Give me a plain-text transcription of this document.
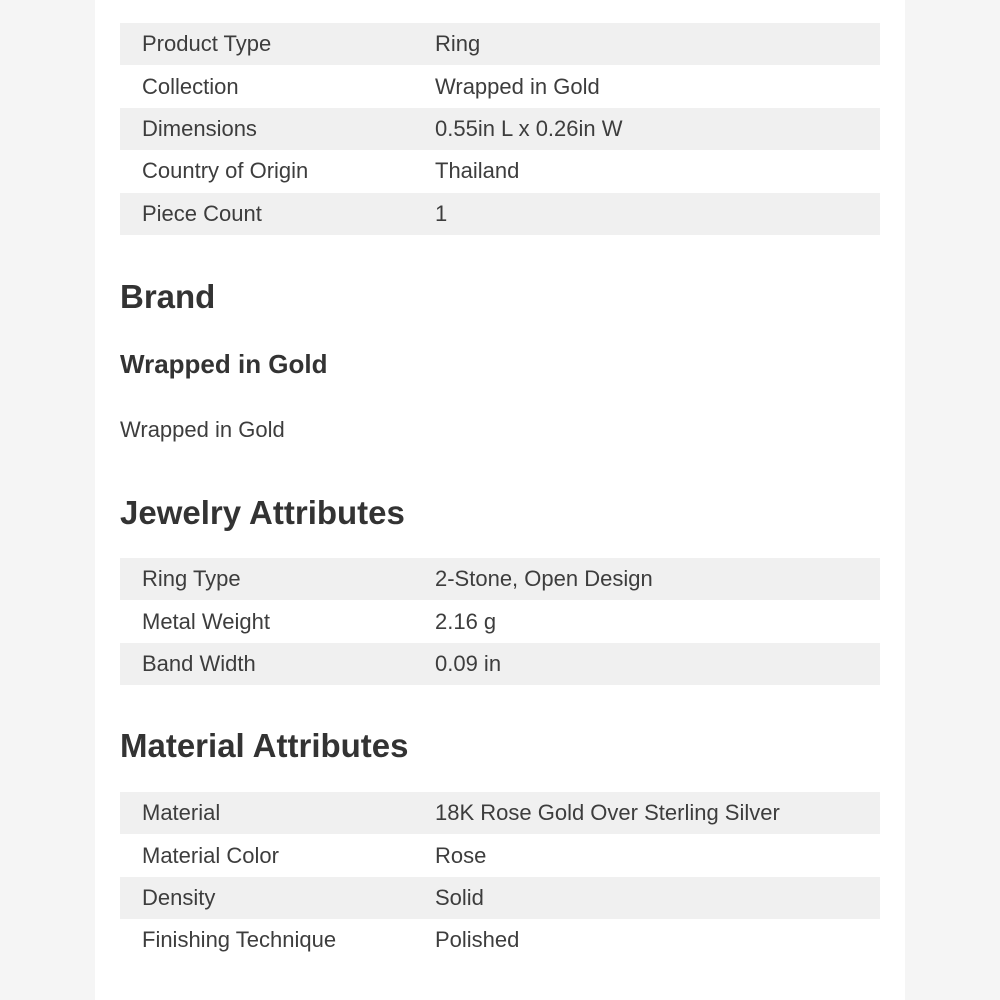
Product Type	Ring
Collection	Wrapped in Gold
Dimensions	0.55in L x 0.26in W
Country of Origin	Thailand
Piece Count	1
Brand
Wrapped in Gold
Wrapped in Gold
Jewelry Attributes
Ring Type	2-Stone, Open Design
Metal Weight	2.16 g
Band Width	0.09 in
Material Attributes
Material	18K Rose Gold Over Sterling Silver
Material Color	Rose
Density	Solid
Finishing Technique	Polished
